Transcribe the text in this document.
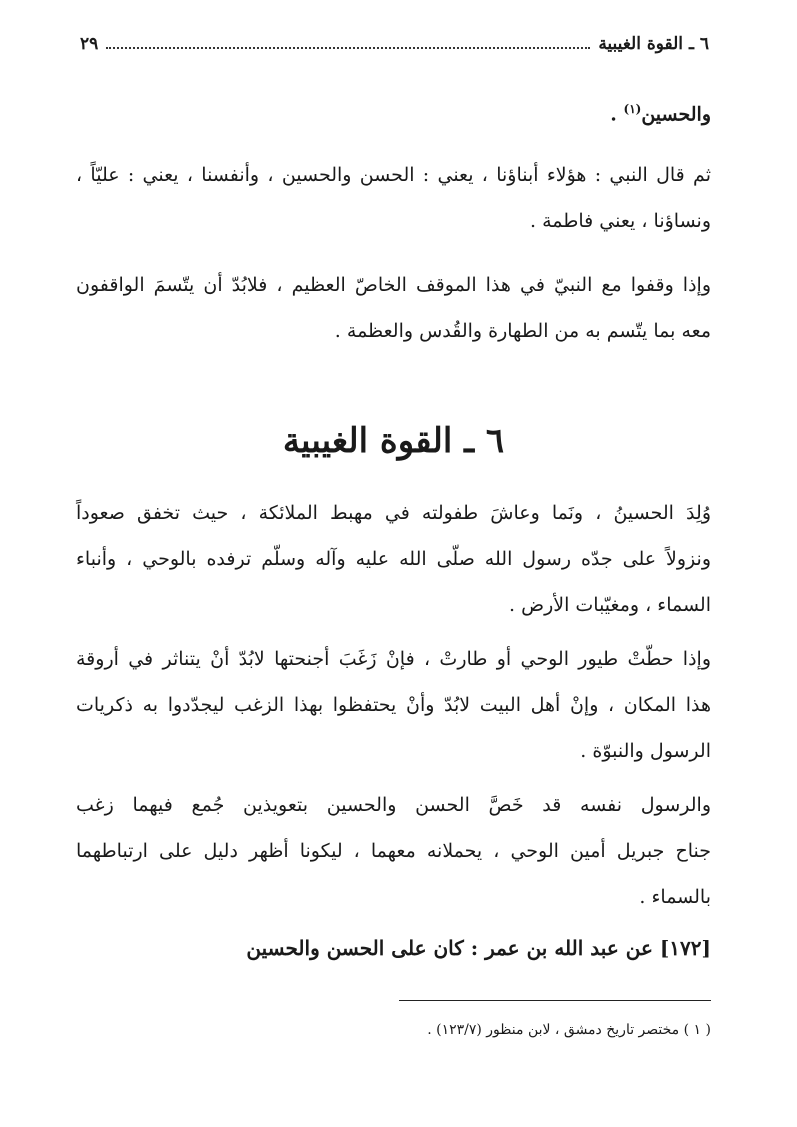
٦ ـ القوة الغيبية
٢٩
والحسين$^{(١)}$ .
ثم قال النبي : هؤلاء أبناؤنا ، يعني : الحسن والحسين ، وأنفسنا ، يعني : عليّاً ،
ونساؤنا ، يعني فاطمة .
وإذا وقفوا مع النبيّ في هذا الموقف الخاصّ العظيم ، فلابُدّ أن يتّسمَ الواقفون
معه بما يتّسم به من الطهارة والقُدس والعظمة .
٦ ـ القوة الغيبية
وُلِدَ الحسينُ ، ونَما وعاشَ طفولته في مهبط الملائكة ، حيث تخفق صعوداً
ونزولاً على جدّه رسول الله صلّى الله عليه وآله وسلّم ترفده بالوحي ، وأنباء
السماء ، ومغيّبات الأرض .
وإذا حطّتْ طيور الوحي أو طارتْ ، فإنْ زَغَبَ أجنحتها لابُدّ أنْ يتناثر في أروقة
هذا المكان ، وإنْ أهل البيت لابُدّ وأنْ يحتفظوا بهذا الزغب ليجدّدوا به ذكريات
الرسول والنبوّة .
والرسول نفسه قد خَصَّ الحسن والحسين بتعويذين جُمع فيهما زغب
جناح جبريل أمين الوحي ، يحملانه معهما ، ليكونا أظهر دليل على ارتباطهما
بالسماء .
[١٧٢] عن عبد الله بن عمر : كان على الحسن والحسين
( ١ ) مختصر تاريخ دمشق ، لابن منظور (١٢٣/٧) .
